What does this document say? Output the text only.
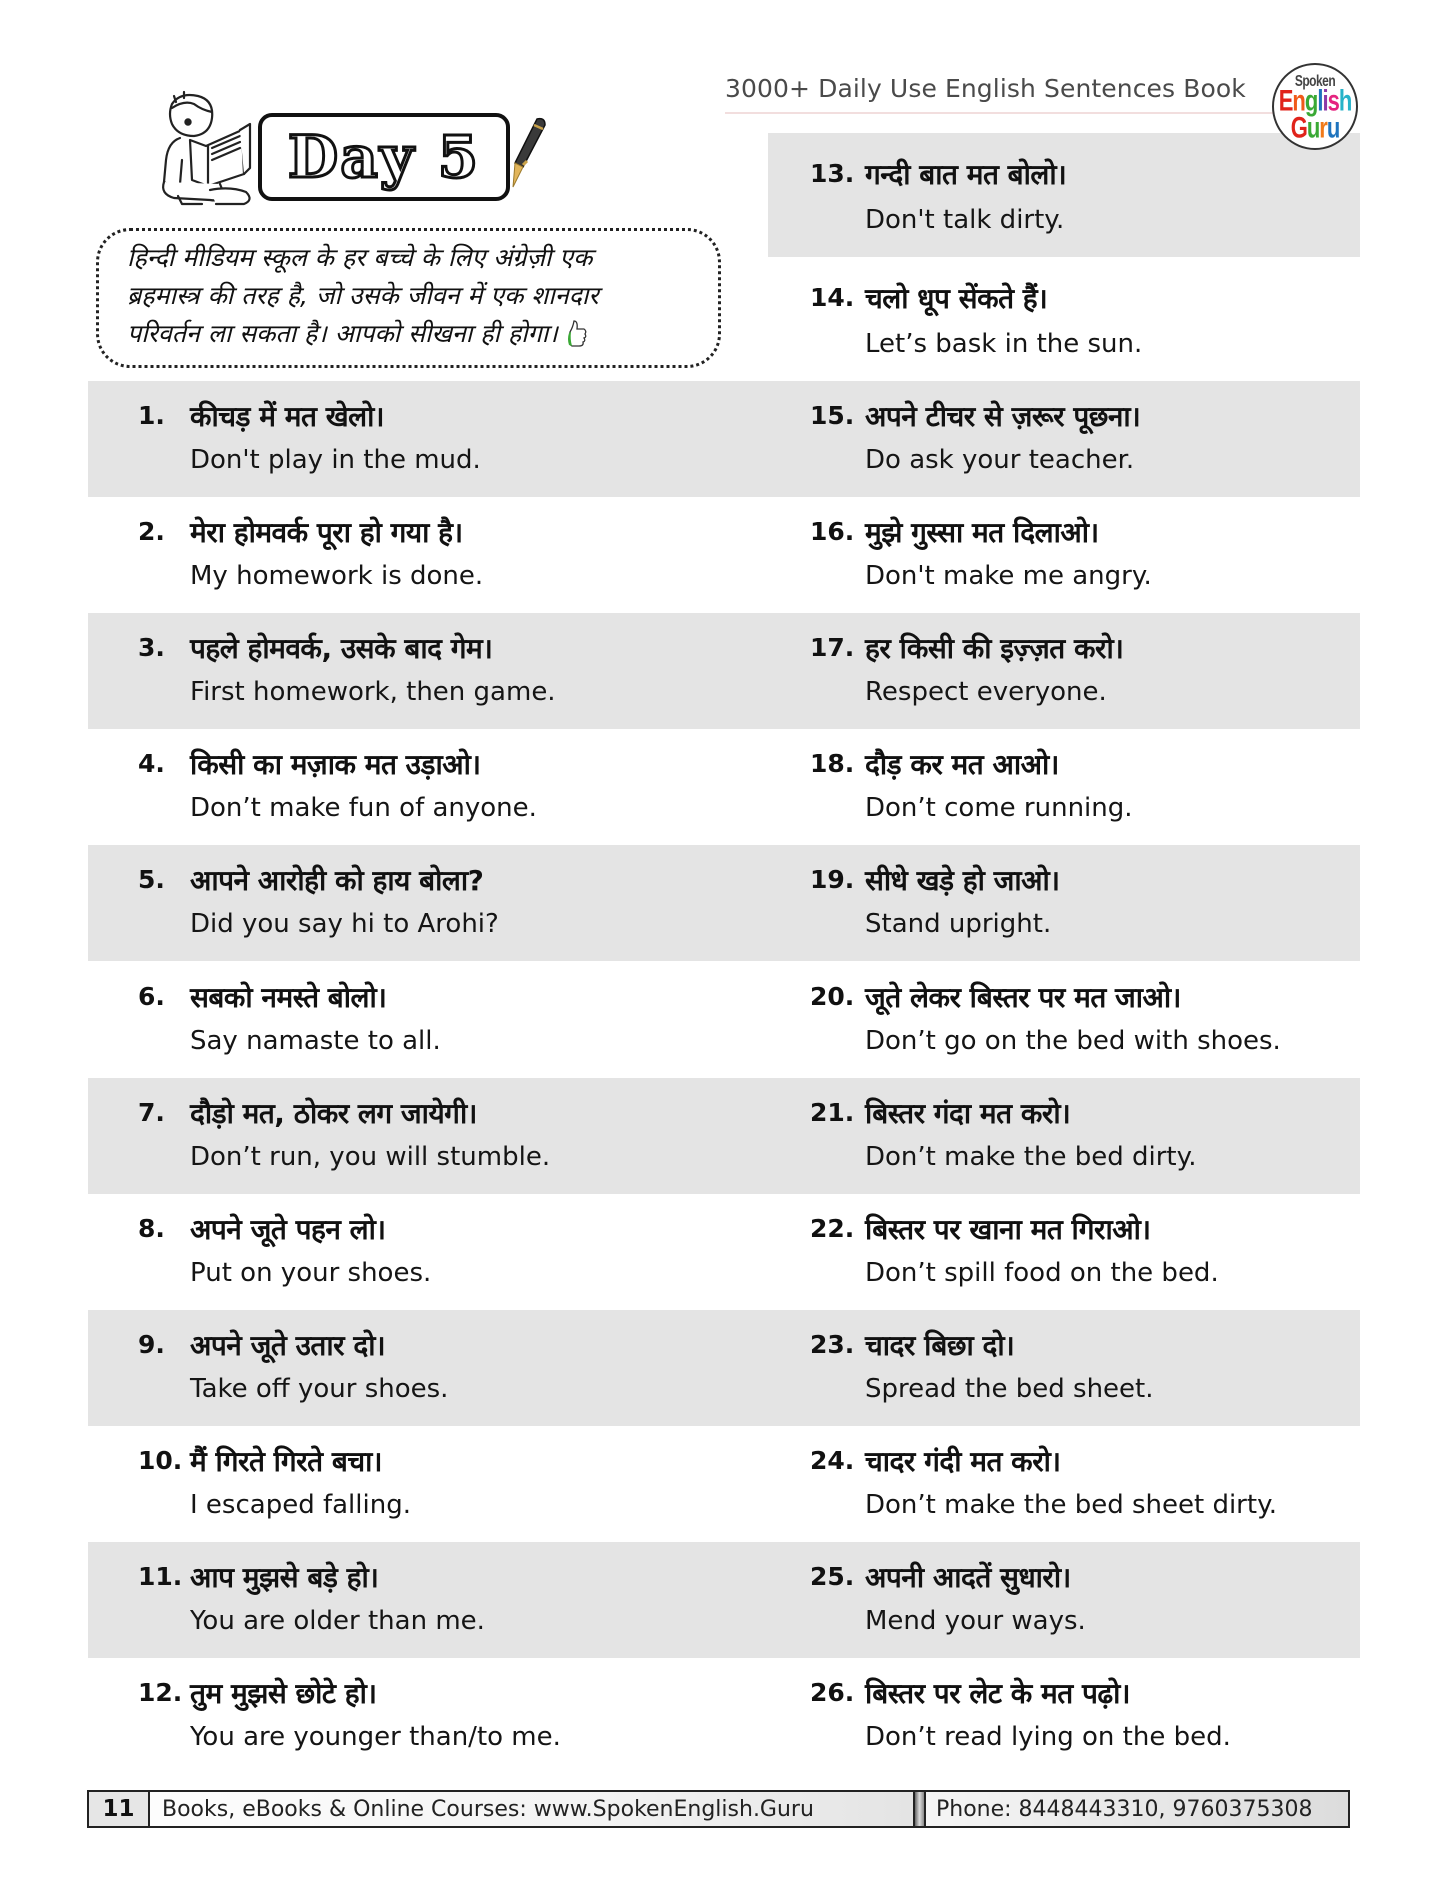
3000+ Daily Use English Sentences Book	Spoken
English
Guru
Day 5
हिन्दी मीडियम स्कूल के हर बच्चे के लिए अंग्रेज़ी एक
ब्रहमास्त्र की तरह है, जो उसके जीवन में एक शानदार
परिवर्तन ला सकता है। आपको सीखना ही होगा।
1. कीचड़ में मत खेलो।
Don't play in the mud.
2. मेरा होमवर्क पूरा हो गया है।
My homework is done.
3. पहले होमवर्क, उसके बाद गेम।
First homework, then game.
4. किसी का मज़ाक मत उड़ाओ।
Don’t make fun of anyone.
5. आपने आरोही को हाय बोला?
Did you say hi to Arohi?
6. सबको नमस्ते बोलो।
Say namaste to all.
7. दौड़ो मत, ठोकर लग जायेगी।
Don’t run, you will stumble.
8. अपने जूते पहन लो।
Put on your shoes.
9. अपने जूते उतार दो।
Take off your shoes.
10. मैं गिरते गिरते बचा।
I escaped falling.
11. आप मुझसे बड़े हो।
You are older than me.
12. तुम मुझसे छोटे हो।
You are younger than/to me.
13. गन्दी बात मत बोलो।
Don't talk dirty.
14. चलो धूप सेंकते हैं।
Let’s bask in the sun.
15. अपने टीचर से ज़रूर पूछना।
Do ask your teacher.
16. मुझे गुस्सा मत दिलाओ।
Don't make me angry.
17. हर किसी की इज़्ज़त करो।
Respect everyone.
18. दौड़ कर मत आओ।
Don’t come running.
19. सीधे खड़े हो जाओ।
Stand upright.
20. जूते लेकर बिस्तर पर मत जाओ।
Don’t go on the bed with shoes.
21. बिस्तर गंदा मत करो।
Don’t make the bed dirty.
22. बिस्तर पर खाना मत गिराओ।
Don’t spill food on the bed.
23. चादर बिछा दो।
Spread the bed sheet.
24. चादर गंदी मत करो।
Don’t make the bed sheet dirty.
25. अपनी आदतें सुधारो।
Mend your ways.
26. बिस्तर पर लेट के मत पढ़ो।
Don’t read lying on the bed.
11	Books, eBooks & Online Courses: www.SpokenEnglish.Guru	Phone: 8448443310, 9760375308
